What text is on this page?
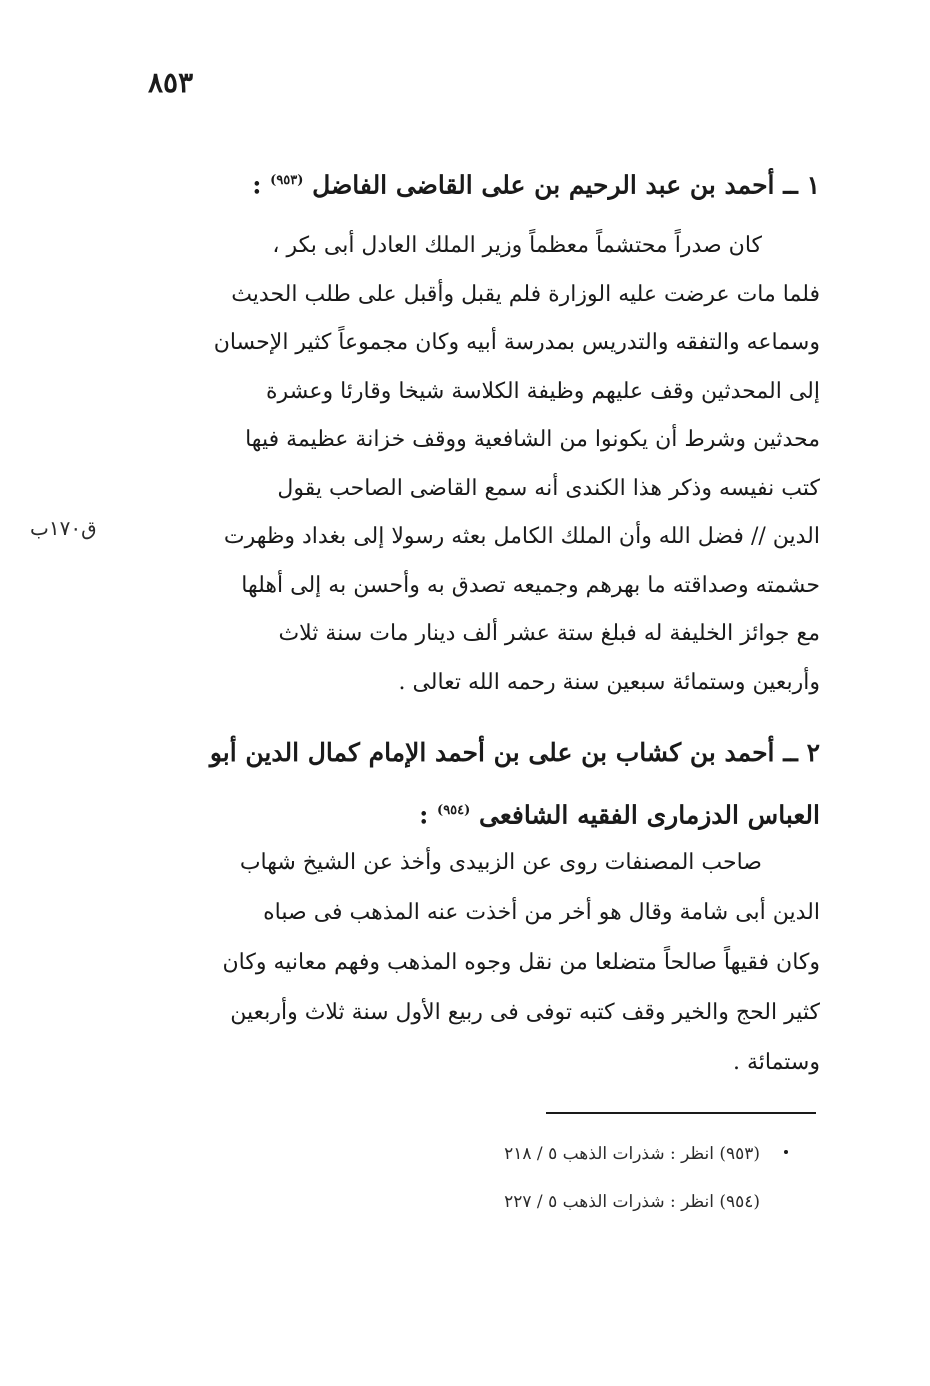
٨٥٣
١ ــ أحمد بن عبد الرحيم بن على القاضى الفاضل $^{(٩٥٣)}$ :

كان صدراً محتشماً معظماً وزير الملك العادل أبى بكر ،

فلما مات عرضت عليه الوزارة فلم يقبل وأقبل على طلب الحديث

وسماعه والتفقه والتدريس بمدرسة أبيه وكان مجموعاً كثير الإحسان

إلى المحدثين وقف عليهم وظيفة الكلاسة شيخا وقارئا وعشرة

محدثين وشرط أن يكونوا من الشافعية ووقف خزانة عظيمة فيها

كتب نفيسه وذكر هذا الكندى أنه سمع القاضى الصاحب يقول

الدين // فضل الله وأن الملك الكامل بعثه رسولا إلى بغداد وظهرت

حشمته وصداقته ما بهرهم وجميعه تصدق به وأحسن به إلى أهلها

مع جوائز الخليفة له فبلغ ستة عشر ألف دينار مات سنة ثلاث

وأربعين وستمائة سبعين سنة رحمه الله تعالى .

ق١٧٠ب
٢ ــ أحمد بن كشاب بن على بن أحمد الإمام كمال الدين أبو العباس الدزمارى الفقيه الشافعى $^{(٩٥٤)}$ :

صاحب المصنفات روى عن الزبيدى وأخذ عن الشيخ شهاب

الدين أبى شامة وقال هو أخر من أخذت عنه المذهب فى صباه

وكان فقيهاً صالحاً متضلعا من نقل وجوه المذهب وفهم معانيه وكان

كثير الحج والخير وقف كتبه توفى فى ربيع الأول سنة ثلاث وأربعين

وستمائة .

(٩٥٣) انظر : شذرات الذهب ٥ / ٢١٨
(٩٥٤) انظر : شذرات الذهب ٥ / ٢٢٧
